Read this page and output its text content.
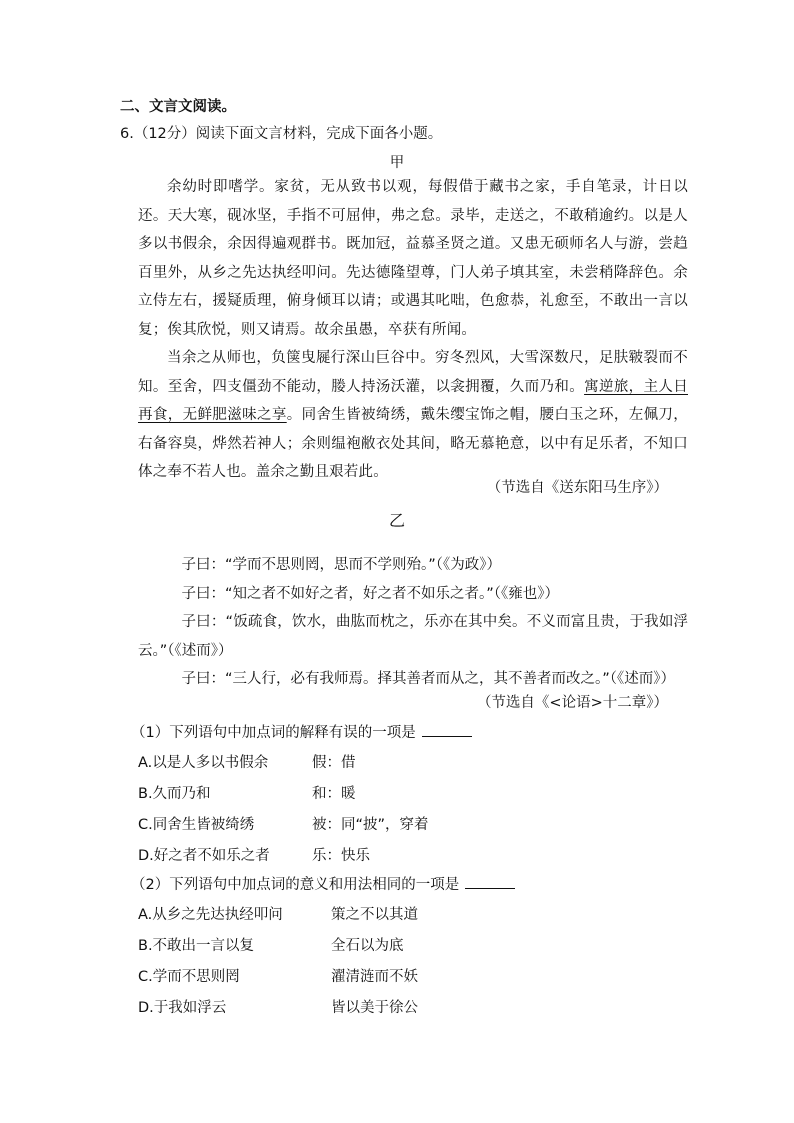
二、文言文阅读。
6.（12分）阅读下面文言材料，完成下面各小题。
甲

余幼时即嗜学。家贫，无从致书以观，每假借于藏书之家，手自笔录，计日以还。天大寒，砚冰坚，手指不可屈伸，弗之怠。录毕，走送之，不敢稍逾约。以是人多以书假余，余因得遍观群书。既加冠，益慕圣贤之道。又患无硕师名人与游，尝趋百里外，从乡之先达执经叩问。先达德隆望尊，门人弟子填其室，未尝稍降辞色。余立侍左右，援疑质理，俯身倾耳以请；或遇其叱咄，色愈恭，礼愈至，不敢出一言以复；俟其欣悦，则又请焉。故余虽愚，卒获有所闻。

当余之从师也，负箧曳屣行深山巨谷中。穷冬烈风，大雪深数尺，足肤皲裂而不知。至舍，四支僵劲不能动，媵人持汤沃灌，以衾拥覆，久而乃和。寓逆旅，主人日再食，无鲜肥滋味之享。同舍生皆被绮绣，戴朱缨宝饰之帽，腰白玉之环，左佩刀，右备容臭，烨然若神人；余则缊袍敝衣处其间，略无慕艳意，以中有足乐者，不知口体之奉不若人也。盖余之勤且艰若此。

（节选自《送东阳马生序》）
乙

子曰：“学而不思则罔，思而不学则殆。”（《为政》）

子曰：“知之者不如好之者，好之者不如乐之者。”（《雍也》）

子曰：“饭疏食，饮水，曲肱而枕之，乐亦在其中矣。不义而富且贵，于我如浮云。”（《述而》）

子曰：“三人行，必有我师焉。择其善者而从之，其不善者而改之。”（《述而》）

（节选自《<论语>十二章》）
（1）下列语句中加点词的解释有误的一项是
A.以是人多以书假余	假：借
B.久而乃和	和：暖
C.同舍生皆被绮绣	被：同“披”，穿着
D.好之者不如乐之者	乐：快乐
（2）下列语句中加点词的意义和用法相同的一项是
A.从乡之先达执经叩问	策之不以其道
B.不敢出一言以复	全石以为底
C.学而不思则罔	濯清涟而不妖
D.于我如浮云	皆以美于徐公
